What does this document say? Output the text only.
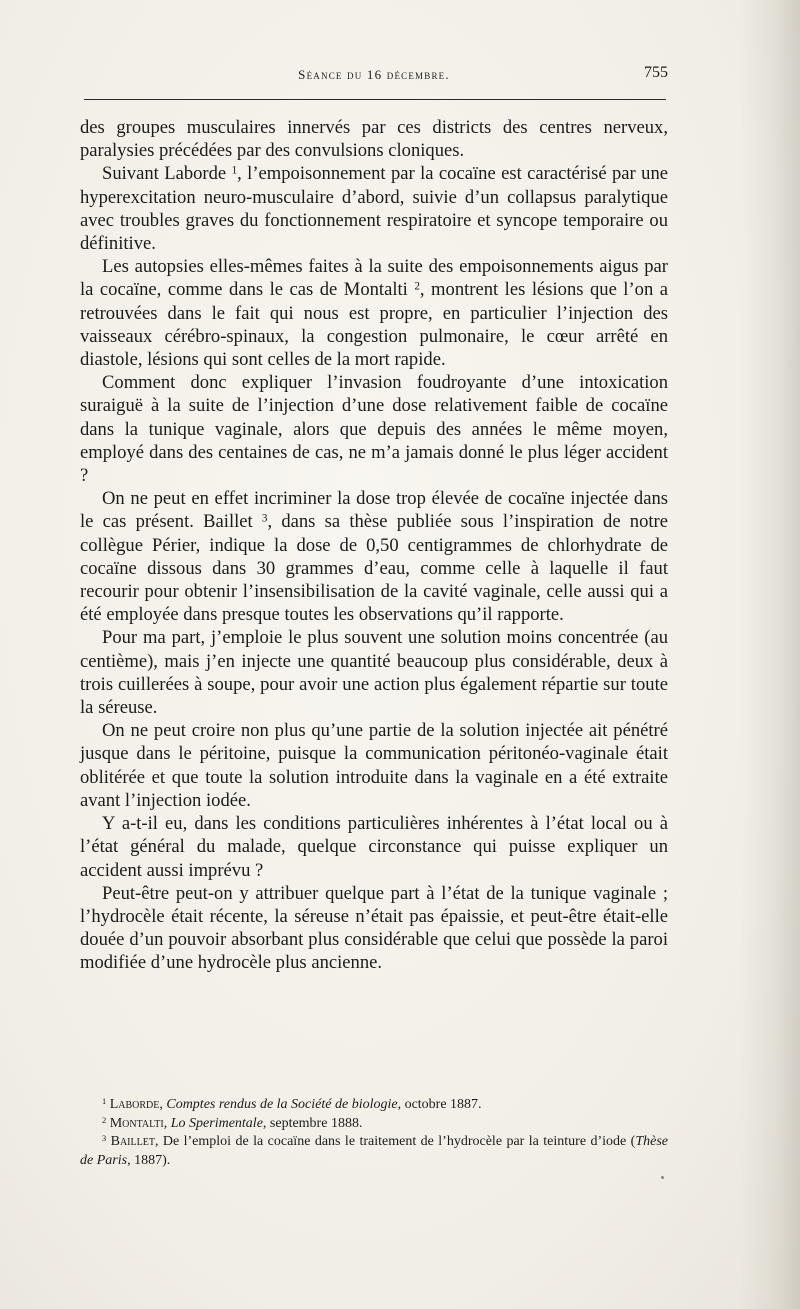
Séance du 16 décembre.	755

des groupes musculaires innervés par ces districts des centres nerveux, paralysies précédées par des convulsions cloniques.

Suivant Laborde $^1$, l’empoisonnement par la cocaïne est caractérisé par une hyperexcitation neuro-musculaire d’abord, suivie d’un collapsus paralytique avec troubles graves du fonctionnement respiratoire et syncope temporaire ou définitive.

Les autopsies elles-mêmes faites à la suite des empoisonnements aigus par la cocaïne, comme dans le cas de Montalti $^2$, montrent les lésions que l’on a retrouvées dans le fait qui nous est propre, en particulier l’injection des vaisseaux cérébro-spinaux, la congestion pulmonaire, le cœur arrêté en diastole, lésions qui sont celles de la mort rapide.

Comment donc expliquer l’invasion foudroyante d’une intoxication suraiguë à la suite de l’injection d’une dose relativement faible de cocaïne dans la tunique vaginale, alors que depuis des années le même moyen, employé dans des centaines de cas, ne m’a jamais donné le plus léger accident ?

On ne peut en effet incriminer la dose trop élevée de cocaïne injectée dans le cas présent. Baillet $^3$, dans sa thèse publiée sous l’inspiration de notre collègue Périer, indique la dose de 0,50 centigrammes de chlorhydrate de cocaïne dissous dans 30 grammes d’eau, comme celle à laquelle il faut recourir pour obtenir l’insensibilisation de la cavité vaginale, celle aussi qui a été employée dans presque toutes les observations qu’il rapporte.

Pour ma part, j’emploie le plus souvent une solution moins concentrée (au centième), mais j’en injecte une quantité beaucoup plus considérable, deux à trois cuillerées à soupe, pour avoir une action plus également répartie sur toute la séreuse.

On ne peut croire non plus qu’une partie de la solution injectée ait pénétré jusque dans le péritoine, puisque la communication péritonéo-vaginale était oblitérée et que toute la solution introduite dans la vaginale en a été extraite avant l’injection iodée.

Y a-t-il eu, dans les conditions particulières inhérentes à l’état local ou à l’état général du malade, quelque circonstance qui puisse expliquer un accident aussi imprévu ?

Peut-être peut-on y attribuer quelque part à l’état de la tunique vaginale ; l’hydrocèle était récente, la séreuse n’était pas épaissie, et peut-être était-elle douée d’un pouvoir absorbant plus considérable que celui que possède la paroi modifiée d’une hydrocèle plus ancienne.

$^1$ Laborde, Comptes rendus de la Société de biologie, octobre 1887.

$^2$ Montalti, Lo Sperimentale, septembre 1888.

$^3$ Baillet, De l’emploi de la cocaïne dans le traitement de l’hydrocèle par la teinture d’iode (Thèse de Paris, 1887).
